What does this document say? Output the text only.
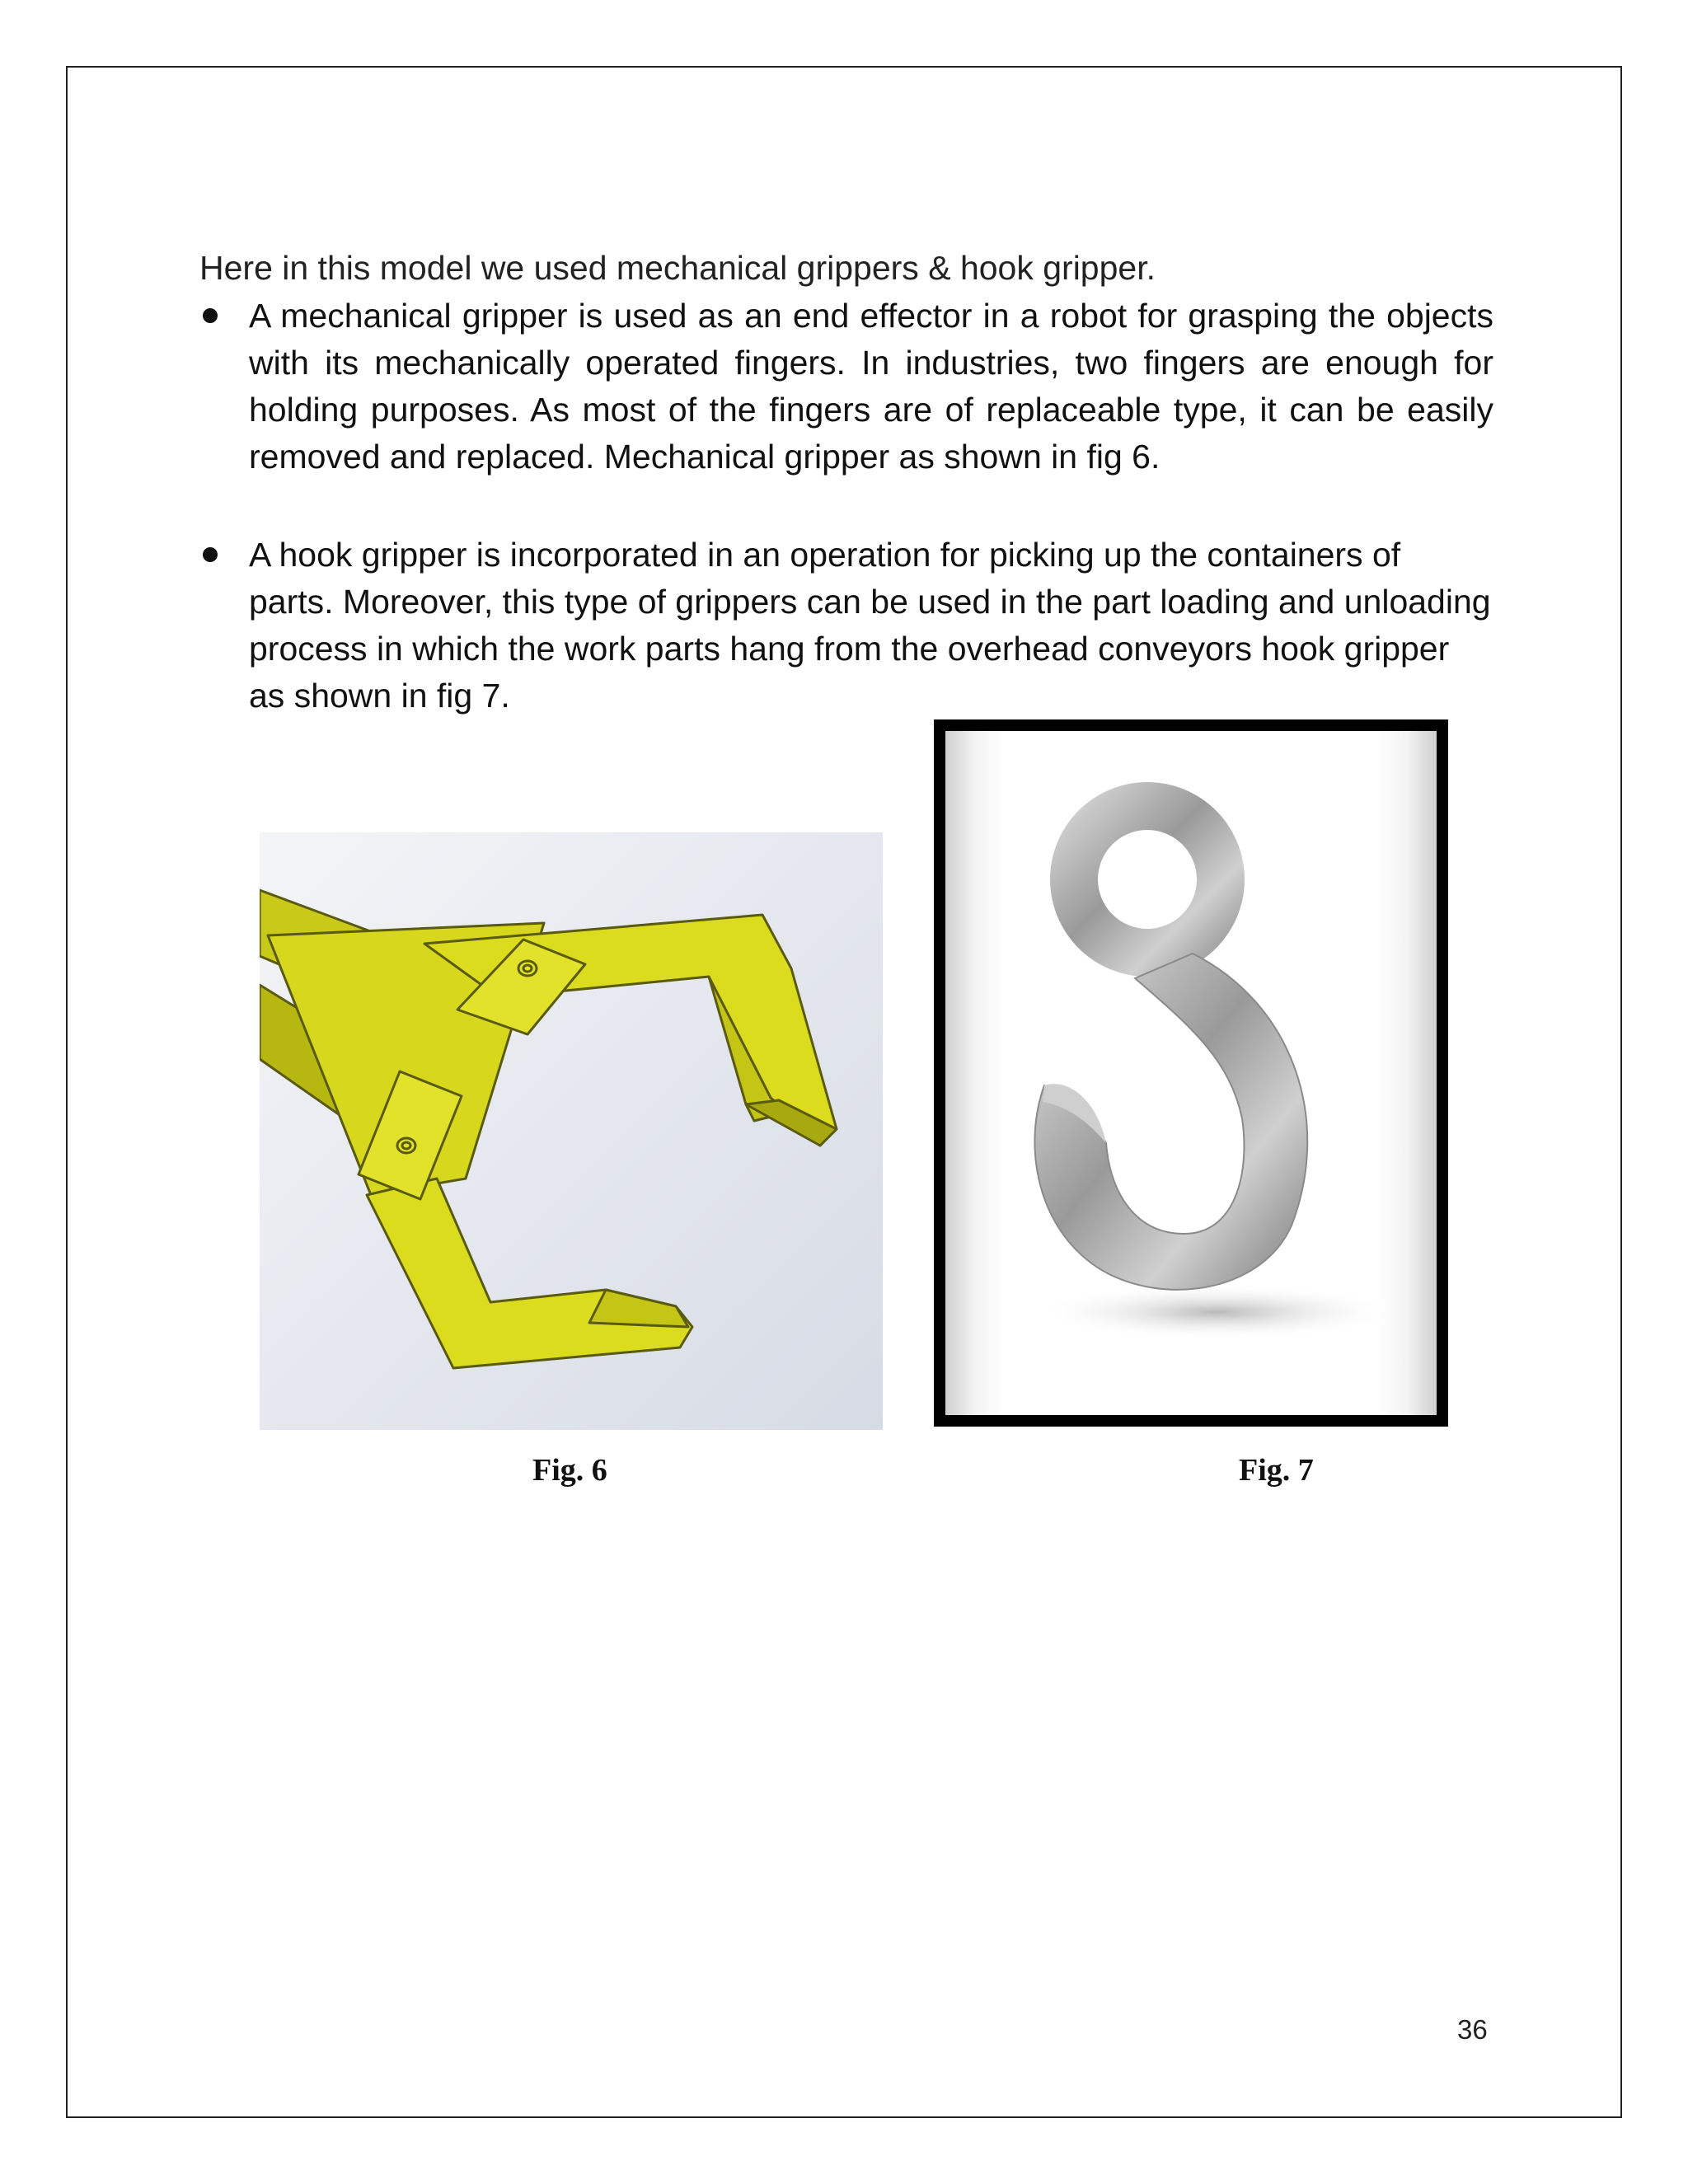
Here in this model we used mechanical grippers & hook gripper.
A mechanical gripper is used as an end effector in a robot for grasping the objects with its mechanically operated fingers. In industries, two fingers are enough for holding purposes. As most of the fingers are of replaceable type, it can be easily removed and replaced. Mechanical gripper as shown in fig 6.
A hook gripper is incorporated in an operation for picking up the containers of parts. Moreover, this type of grippers can be used in the part loading and unloading process in which the work parts hang from the overhead conveyors hook gripper as shown in fig 7.
Fig. 6	Fig. 7
36
